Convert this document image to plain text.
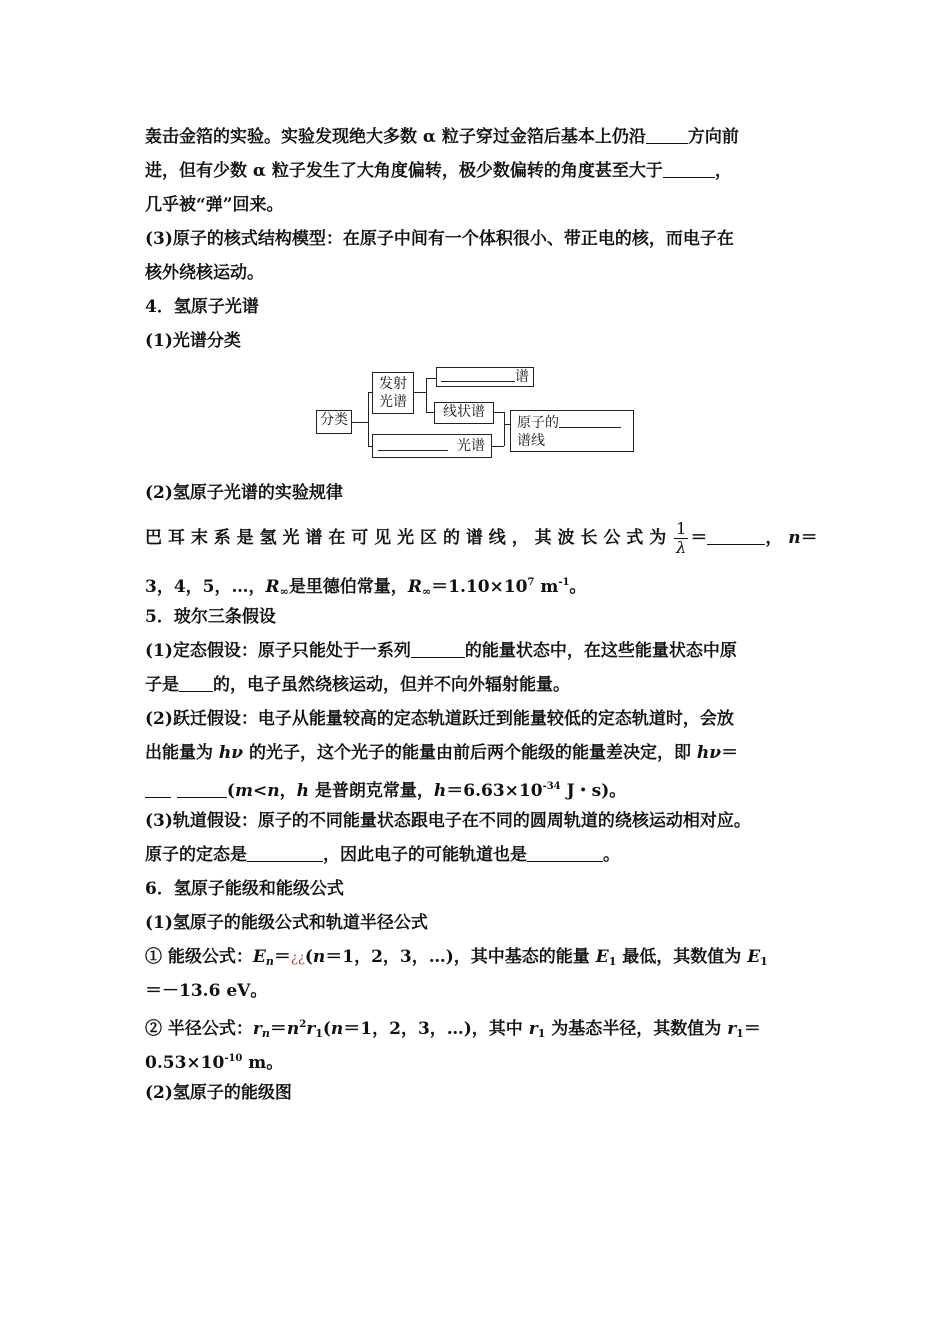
轰击金箔的实验。实验发现绝大多数 α 粒子穿过金箔后基本上仍沿 方向前
进，但有少数 α 粒子发生了大角度偏转，极少数偏转的角度甚至大于	，
几乎被“弹”回来。
(3)原子的核式结构模型：在原子中间有一个体积很小、带正电的核，而电子在
核外绕核运动。
4．氢原子光谱
(1)光谱分类
(2)氢原子光谱的实验规律
巴 耳 末 系 是 氢 光 谱 在 可 见 光 区 的 谱 线 ， 其 波 长 公 式 为 $\frac{1}{\lambda}$ ＝	， n＝
3，4，5，…，$R_\infty$是里德伯常量，$R_\infty=1.10\times 10^7$ $m^{-1}$。
5．玻尔三条假设
(1)定态假设：原子只能处于一系列	的能量状态中，在这些能量状态中原
子是 的，电子虽然绕核运动，但并不向外辐射能量。
(2)跃迁假设：电子从能量较高的定态轨道跃迁到能量较低的定态轨道时，会放
出能量为 hν 的光子，这个光子的能量由前后两个能级的能量差决定，即 hν＝
(m<n，h 是普朗克常量，$h=6.63\times 10^{-34}$ J・s)。
(3)轨道假设：原子的不同能量状态跟电子在不同的圆周轨道的绕核运动相对应。
原子的定态是	，因此电子的可能轨道也是	。
6．氢原子能级和能级公式
(1)氢原子的能级公式和轨道半径公式
① 能级公式：$E_n=¿¿(n=1$，2，3，…)，其中基态的能量 $E_1$ 最低，其数值为 $E_1$
＝－13.6 eV。
② 半径公式：$r_n=n^2r_1(n=1$，2，3，…)，其中 $r_1$ 为基态半径，其数值为 $r_1=$
$0.53\times 10^{-10}$ m。
(2)氢原子的能级图
分类
发射
光谱
谱
线状谱
原子的
谱线
光谱
